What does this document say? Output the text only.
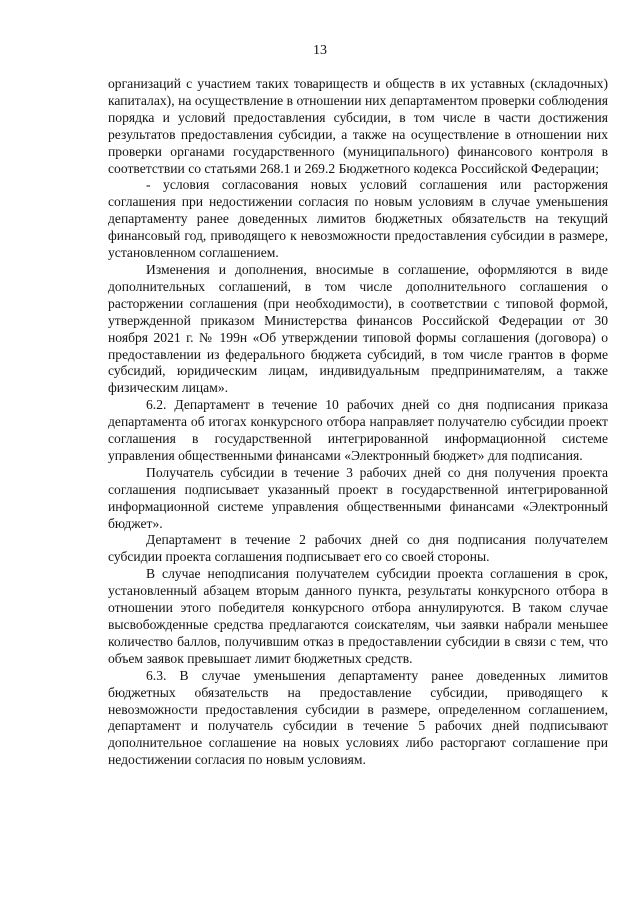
13

организаций с участием таких товариществ и обществ в их уставных (складочных) капиталах), на осуществление в отношении них департаментом проверки соблюдения порядка и условий предоставления субсидии, в том числе в части достижения результатов предоставления субсидии, а также на осуществление в отношении них проверки органами государственного (муниципального) финансового контроля в соответствии со статьями 268.1 и 269.2 Бюджетного кодекса Российской Федерации;

- условия согласования новых условий соглашения или расторжения соглашения при недостижении согласия по новым условиям в случае уменьшения департаменту ранее доведенных лимитов бюджетных обязательств на текущий финансовый год, приводящего к невозможности предоставления субсидии в размере, установленном соглашением.

Изменения и дополнения, вносимые в соглашение, оформляются в виде дополнительных соглашений, в том числе дополнительного соглашения о расторжении соглашения (при необходимости), в соответствии с типовой формой, утвержденной приказом Министерства финансов Российской Федерации от 30 ноября 2021 г. № 199н «Об утверждении типовой формы соглашения (договора) о предоставлении из федерального бюджета субсидий, в том числе грантов в форме субсидий, юридическим лицам, индивидуальным предпринимателям, а также физическим лицам».

6.2. Департамент в течение 10 рабочих дней со дня подписания приказа департамента об итогах конкурсного отбора направляет получателю субсидии проект соглашения в государственной интегрированной информационной системе управления общественными финансами «Электронный бюджет» для подписания.

Получатель субсидии в течение 3 рабочих дней со дня получения проекта соглашения подписывает указанный проект в государственной интегрированной информационной системе управления общественными финансами «Электронный бюджет».

Департамент в течение 2 рабочих дней со дня подписания получателем субсидии проекта соглашения подписывает его со своей стороны.

В случае неподписания получателем субсидии проекта соглашения в срок, установленный абзацем вторым данного пункта, результаты конкурсного отбора в отношении этого победителя конкурсного отбора аннулируются. В таком случае высвобожденные средства предлагаются соискателям, чьи заявки набрали меньшее количество баллов, получившим отказ в предоставлении субсидии в связи с тем, что объем заявок превышает лимит бюджетных средств.

6.3. В случае уменьшения департаменту ранее доведенных лимитов бюджетных обязательств на предоставление субсидии, приводящего к невозможности предоставления субсидии в размере, определенном соглашением, департамент и получатель субсидии в течение 5 рабочих дней подписывают дополнительное соглашение на новых условиях либо расторгают соглашение при недостижении согласия по новым условиям.
